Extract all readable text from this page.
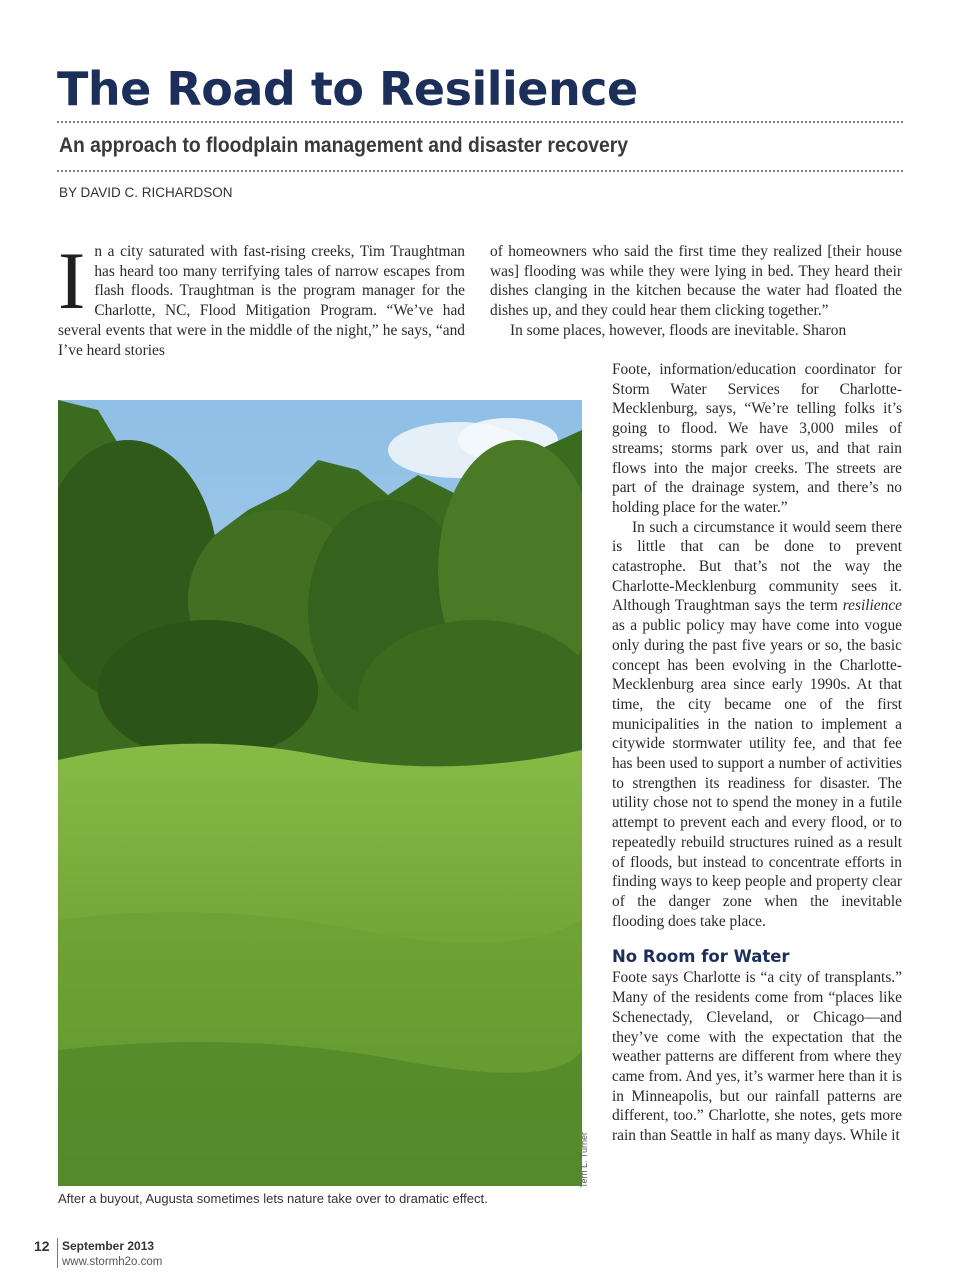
The Road to Resilience
An approach to floodplain management and disaster recovery
BY DAVID C. RICHARDSON

In a city saturated with fast-rising creeks, Tim Traughtman has heard too many terrifying tales of narrow escapes from flash floods. Traughtman is the program manager for the Charlotte, NC, Flood Mitigation Program. “We’ve had several events that were in the middle of the night,” he says, “and I’ve heard stories

of homeowners who said the first time they realized [their house was] flooding was while they were lying in bed. They heard their dishes clanging in the kitchen because the water had floated the dishes up, and they could hear them clicking together.”

In some places, however, floods are inevitable. Sharon

Foote, information/education coordinator for Storm Water Services for Charlotte-Mecklenburg, says, “We’re telling folks it’s going to flood. We have 3,000 miles of streams; storms park over us, and that rain flows into the major creeks. The streets are part of the drainage system, and there’s no holding place for the water.”

In such a circumstance it would seem there is little that can be done to prevent catastrophe. But that’s not the way the Charlotte-Mecklenburg community sees it. Although Traughtman says the term resilience as a public policy may have come into vogue only during the past five years or so, the basic concept has been evolving in the Charlotte-Mecklenburg area since early 1990s. At that time, the city became one of the first municipalities in the nation to implement a citywide stormwater utility fee, and that fee has been used to support a number of activities to strengthen its readiness for disaster. The utility chose not to spend the money in a futile attempt to prevent each and every flood, or to repeatedly rebuild structures ruined as a result of floods, but instead to concentrate efforts in finding ways to keep people and property clear of the danger zone when the inevitable flooding does take place.

No Room for Water

Foote says Charlotte is “a city of transplants.” Many of the residents come from “places like Schenectady, Cleveland, or Chicago—and they’ve come with the expectation that the weather patterns are different from where they came from. And yes, it’s warmer here than it is in Minneapolis, but our rainfall patterns are different, too.” Charlotte, she notes, gets more rain than Seattle in half as many days. While it

Terri L. Turner
After a buyout, Augusta sometimes lets nature take over to dramatic effect.
12 September 2013
www.stormh2o.com
